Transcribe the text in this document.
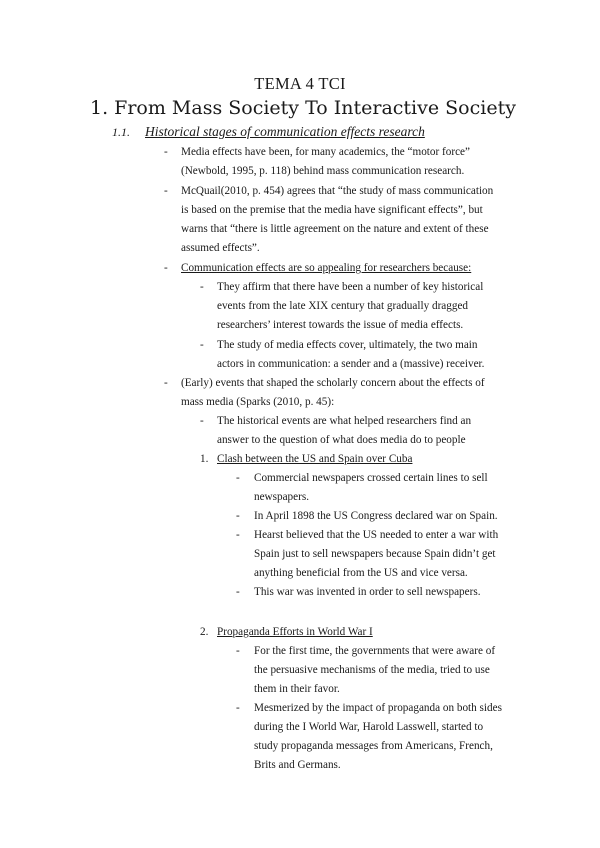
TEMA 4 TCI
1. From Mass Society To Interactive Society
1.1. Historical stages of communication effects research
- Media effects have been, for many academics, the “motor force”
(Newbold, 1995, p. 118) behind mass communication research.
- McQuail(2010, p. 454) agrees that “the study of mass communication
is based on the premise that the media have significant effects”, but
warns that “there is little agreement on the nature and extent of these
assumed effects”.
- Communication effects are so appealing for researchers because:
- They affirm that there have been a number of key historical
events from the late XIX century that gradually dragged
researchers’ interest towards the issue of media effects.
- The study of media effects cover, ultimately, the two main
actors in communication: a sender and a (massive) receiver.
- (Early) events that shaped the scholarly concern about the effects of
mass media (Sparks (2010, p. 45):
- The historical events are what helped researchers find an
answer to the question of what does media do to people
1. Clash between the US and Spain over Cuba
- Commercial newspapers crossed certain lines to sell
newspapers.
- In April 1898 the US Congress declared war on Spain.
- Hearst believed that the US needed to enter a war with
Spain just to sell newspapers because Spain didn’t get
anything beneficial from the US and vice versa.
- This war was invented in order to sell newspapers.
2. Propaganda Efforts in World War I
- For the first time, the governments that were aware of
the persuasive mechanisms of the media, tried to use
them in their favor.
- Mesmerized by the impact of propaganda on both sides
during the I World War, Harold Lasswell, started to
study propaganda messages from Americans, French,
Brits and Germans.
